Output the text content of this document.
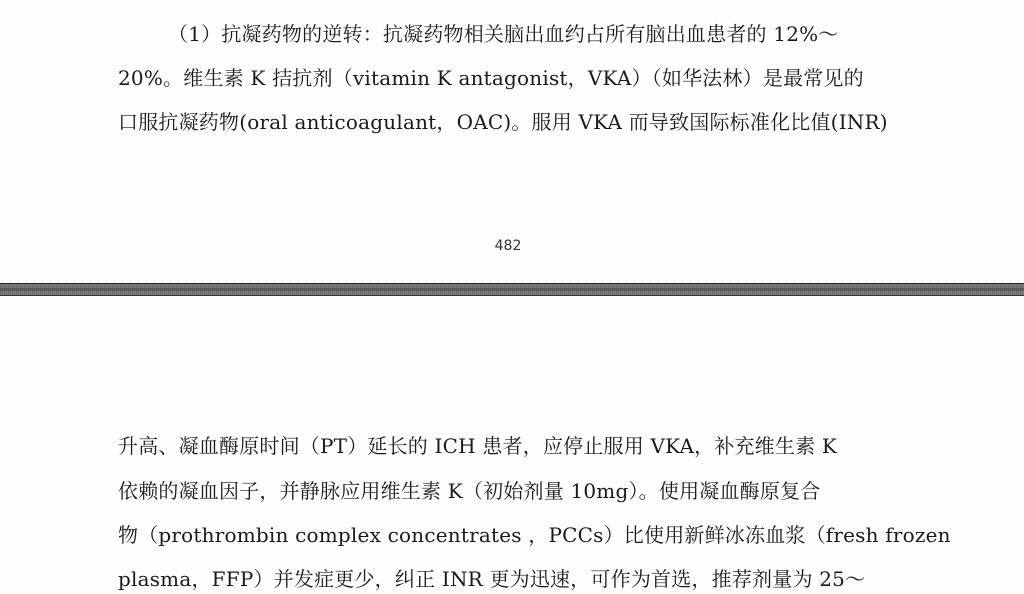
（1）抗凝药物的逆转：抗凝药物相关脑出血约占所有脑出血患者的 12%～
20%。维生素 K 拮抗剂（vitamin K antagonist，VKA）（如华法林）是最常见的
口服抗凝药物(oral anticoagulant，OAC)。服用 VKA 而导致国际标准化比值(INR)
482
升高、凝血酶原时间（PT）延长的 ICH 患者，应停止服用 VKA，补充维生素 K
依赖的凝血因子，并静脉应用维生素 K（初始剂量 10mg）。使用凝血酶原复合
物（prothrombin complex concentrates ，PCCs）比使用新鲜冰冻血浆（fresh frozen
plasma，FFP）并发症更少，纠正 INR 更为迅速，可作为首选，推荐剂量为 25～
